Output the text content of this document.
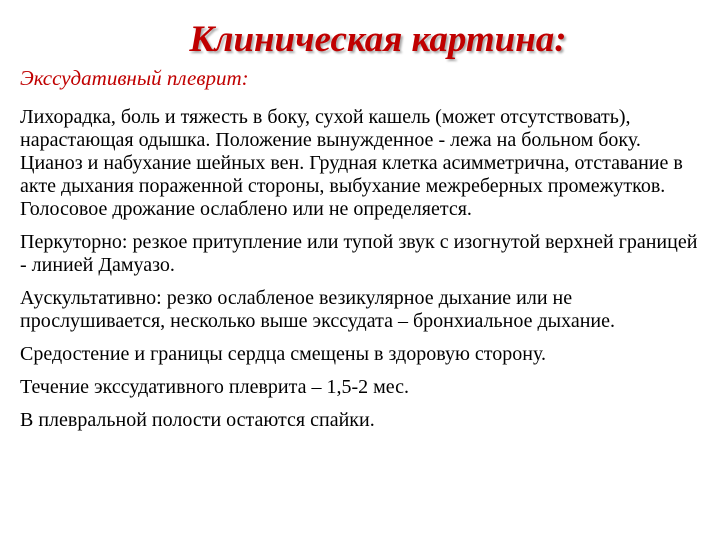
Клиническая картина:
Экссудативный плеврит:

Лихорадка, боль и тяжесть в боку, сухой кашель (может отсутствовать), нарастающая одышка. Положение вынужденное - лежа на больном боку. Цианоз и набухание шейных вен. Грудная клетка асимметрична, отставание в акте дыхания пораженной стороны, выбухание межреберных промежутков. Голосовое дрожание ослаблено или не определяется.

Перкуторно: резкое притупление или тупой звук с изогнутой верхней границей - линией Дамуазо.

Аускультативно: резко ослабленое везикулярное дыхание или не прослушивается, несколько выше экссудата – бронхиальное дыхание.

Средостение и границы сердца смещены в здоровую сторону.

Течение экссудативного плеврита – 1,5-2 мес.

В плевральной полости остаются спайки.
